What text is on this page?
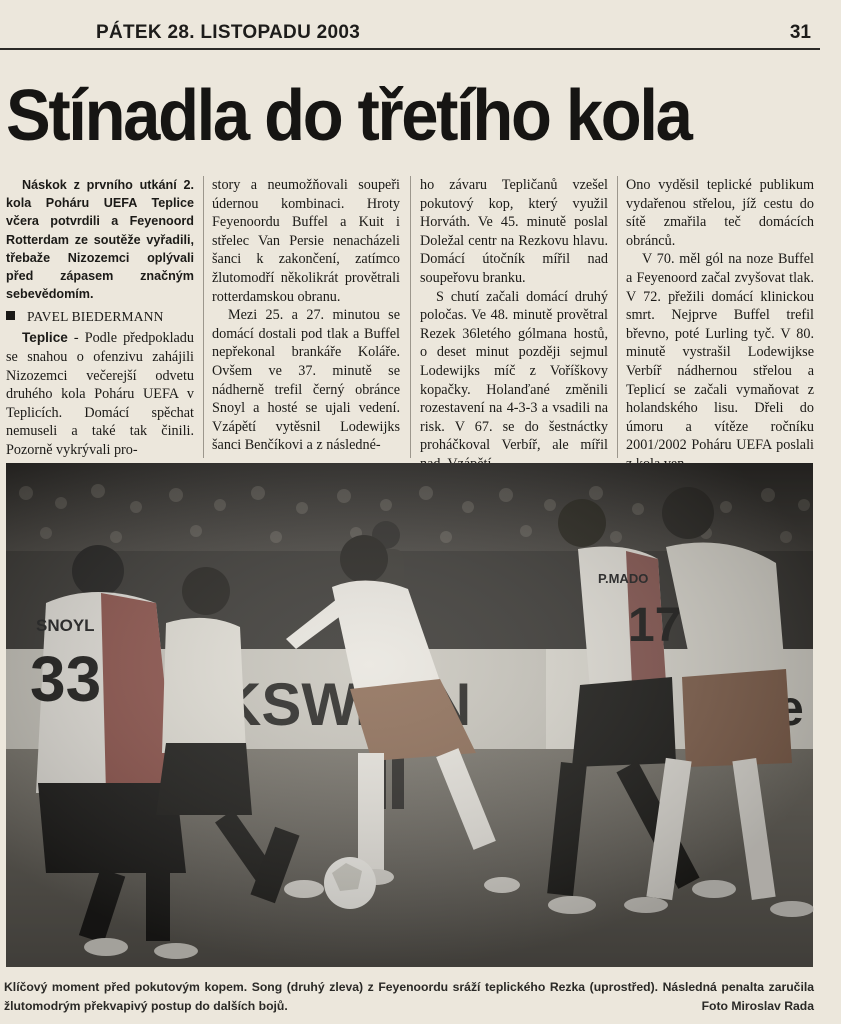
PÁTEK 28. LISTOPADU 2003	31
Stínadla do třetího kola

Náskok z prvního utkání 2. kola Poháru UEFA Teplice včera potvrdili a Feyenoord Rotterdam ze soutěže vyřadili, třebaže Nizozemci oplývali před zápasem značným sebevědomím.

PAVEL BIEDERMANN

Teplice - Podle předpokladu se snahou o ofenzivu zahájili Nizozemci večerejší odvetu druhého kola Poháru UEFA v Teplicích. Domácí spěchat nemuseli a také tak činili. Pozorně vykrývali pro-

story a neumožňovali soupeři údernou kombinaci. Hroty Feyenoordu Buffel a Kuit i střelec Van Persie nenacházeli šanci k zakončení, zatímco žlutomodří několikrát provětrali rotterdamskou obranu.

Mezi 25. a 27. minutou se domácí dostali pod tlak a Buffel nepřekonal brankáře Koláře. Ovšem ve 37. minutě se nádherně trefil černý obránce Snoyl a hosté se ujali vedení. Vzápětí vytěsnil Lodewijks šanci Benčíkovi a z následné-

ho závaru Tepličanů vzešel pokutový kop, který využil Horváth. Ve 45. minutě poslal Doležal centr na Rezkovu hlavu. Domácí útočník mířil nad soupeřovu branku.

S chutí začali domácí druhý poločas. Ve 48. minutě provětral Rezek 36letého gólmana hostů, o deset minut později sejmul Lodewijks míč z Voříškovy kopačky. Holanďané změnili rozestavení na 4-3-3 a vsadili na risk. V 67. se do šestnáctky proháčkoval Verbíř, ale mířil

Ono vyděsil teplické publikum vydařenou střelou, jíž cestu do sítě zmařila teč domácích obránců.

V 70. měl gól na noze Buffel a Feyenoord začal zvyšovat tlak. V 72. přežili domácí klinickou smrt. Nejprve Buffel trefil břevno, poté Lurling tyč. V 80. minutě vystrašil Lodewijkse Verbíř nádhernou střelou a Teplicí se začali vymaňovat z holandského lisu. Dřeli do úmoru a vítěze ročníku 2001/2002 Poháru UEFA poslali

Klíčový moment před pokutovým kopem. Song (druhý zleva) z Feyenoordu sráží teplického Rezka (uprostřed). Následná penalta zaručila žlutomodrým překvapivý postup do dalších bojů.	Foto Miroslav Rada
